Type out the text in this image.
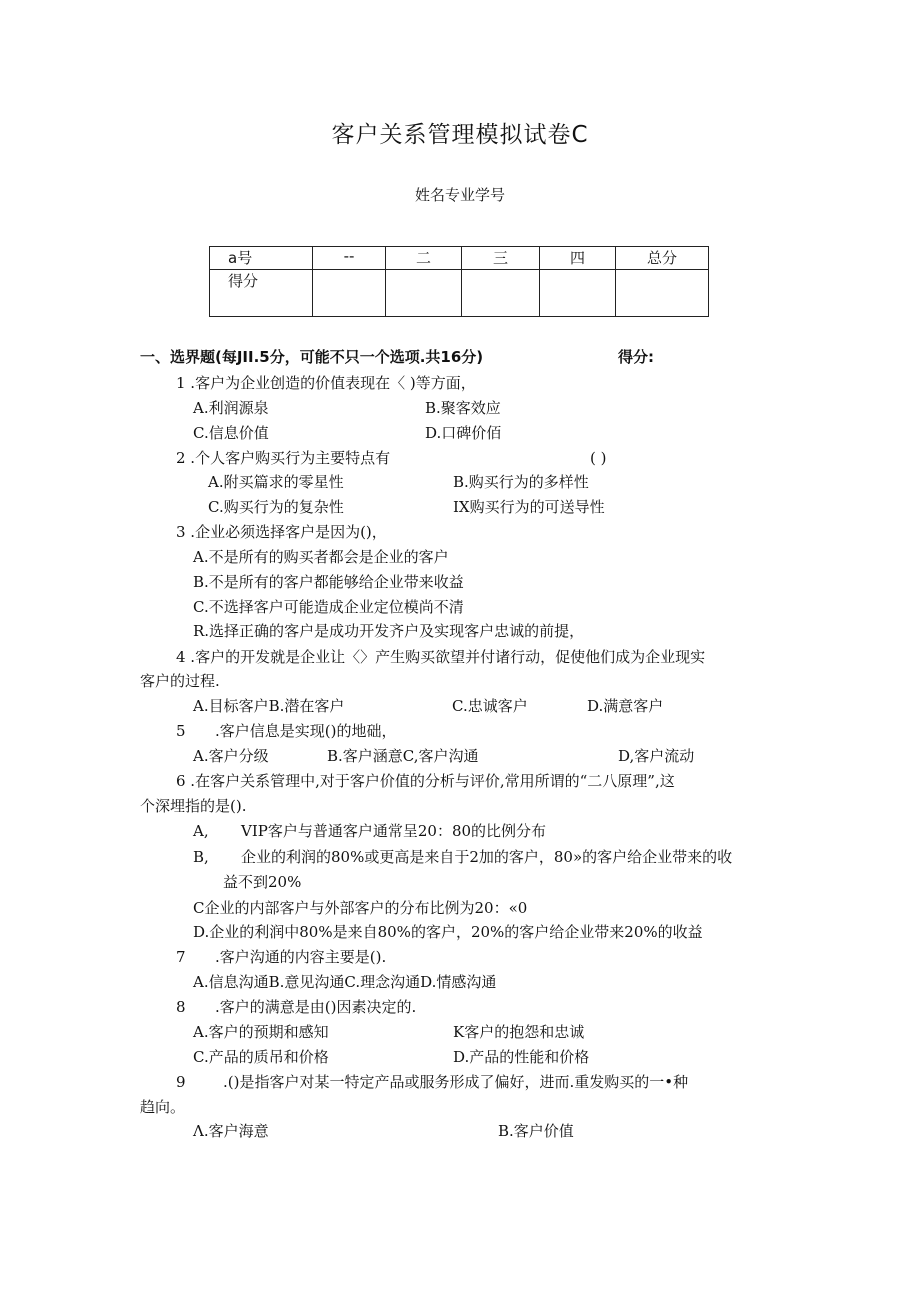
客户关系管理模拟试卷C
姓名专业学号
a号	--	二	三	四	总分
得分					
一、选界题(每JII.5分，可能不只一个选项.共16分)	得分:
1 .客户为企业创造的价值表现在〈 )等方面，
A.利润源泉	B.聚客效应
C.信息价值	D.口碑价佰
2 .个人客户购买行为主要特点有	( )
A.附买篇求的零星性	B.购买行为的多样性
C.购买行为的复杂性	IX购买行为的可送导性
3 .企业必须选择客户是因为()，
A.不是所有的购买者都会是企业的客户
B.不是所有的客户都能够给企业带来收益
C.不选择客户可能造成企业定位模尚不清
R.选择正确的客户是成功开发齐户及实现客户忠诚的前提，
4 .客户的开发就是企业让〈〉产生购买欲望并付诸行动，促使他们成为企业现实
客户的过程.
A.目标客户B.潜在客户	C.忠诚客户	D.满意客户
5 .客户信息是实现()的地础，
A.客户分级	B.客户涵意C,客户沟通	D,客户流动
6 .在客户关系管理中,对于客户价值的分析与评价,常用所谓的“二八原理”,这
个深埋指的是().
A, VIP客户与普通客户通常呈20：80的比例分布
B, 企业的利润的80%或更高是来自于2加的客户，80»的客户给企业带来的收
益不到20%
C企业的内部客户与外部客户的分布比例为20：«0
D.企业的利润中80%是来自80%的客户，20%的客户给企业带来20%的收益
7 .客户沟通的内容主要是().
A.信息沟通B.意见沟通C.理念沟通D.情感沟通
8 .客户的满意是由()因素决定的.
A.客户的预期和感知	K客户的抱怨和忠诚
C.产品的质吊和价格	D.产品的性能和价格
9 .()是指客户对某一特定产品或服务形成了偏好，进而.重发购买的一•种
趋向。
Λ.客户海意	B.客户价值
